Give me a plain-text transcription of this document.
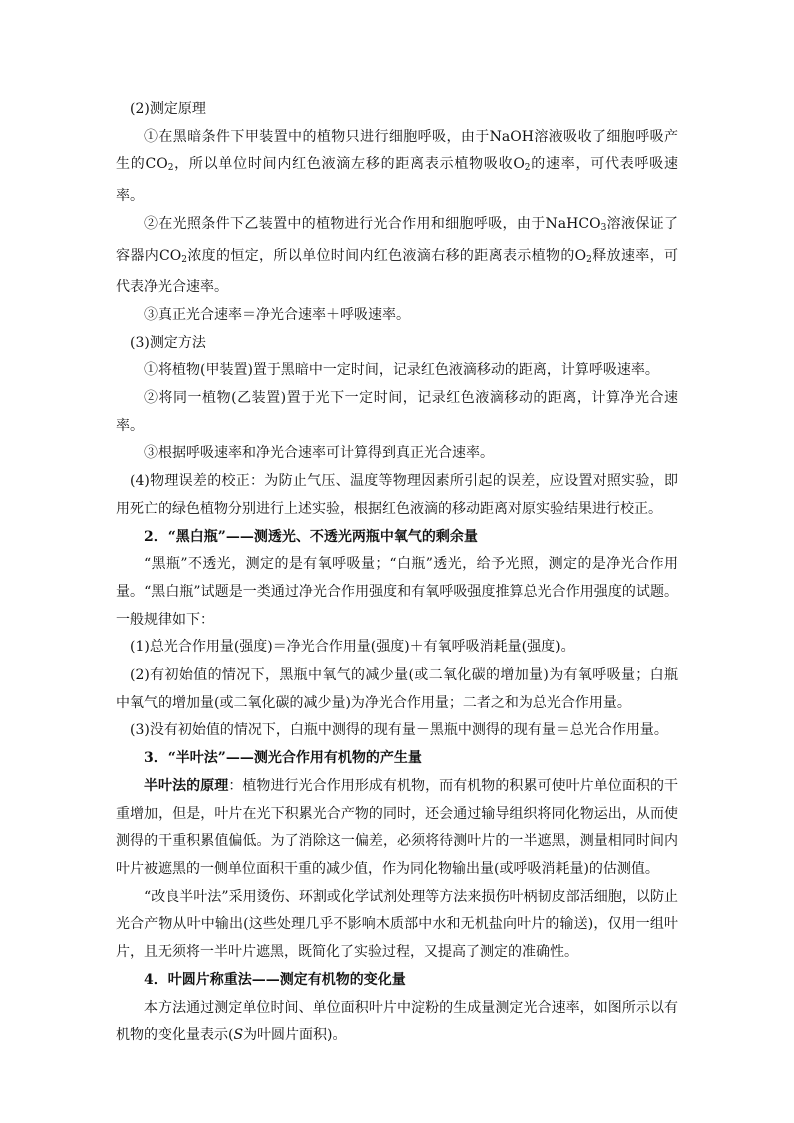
(2)测定原理

①在黑暗条件下甲装置中的植物只进行细胞呼吸，由于NaOH溶液吸收了细胞呼吸产生的$CO_2$，所以单位时间内红色液滴左移的距离表示植物吸收$O_2$的速率，可代表呼吸速率。

②在光照条件下乙装置中的植物进行光合作用和细胞呼吸，由于NaHCO$_3$溶液保证了容器内$CO_2$浓度的恒定，所以单位时间内红色液滴右移的距离表示植物的$O_2$释放速率，可代表净光合速率。

③真正光合速率＝净光合速率＋呼吸速率。

(3)测定方法

①将植物(甲装置)置于黑暗中一定时间，记录红色液滴移动的距离，计算呼吸速率。

②将同一植物(乙装置)置于光下一定时间，记录红色液滴移动的距离，计算净光合速率。

③根据呼吸速率和净光合速率可计算得到真正光合速率。

(4)物理误差的校正：为防止气压、温度等物理因素所引起的误差，应设置对照实验，即用死亡的绿色植物分别进行上述实验，根据红色液滴的移动距离对原实验结果进行校正。

2．“黑白瓶”——测透光、不透光两瓶中氧气的剩余量

“黑瓶”不透光，测定的是有氧呼吸量；“白瓶”透光，给予光照，测定的是净光合作用量。“黑白瓶”试题是一类通过净光合作用强度和有氧呼吸强度推算总光合作用强度的试题。一般规律如下：

(1)总光合作用量(强度)＝净光合作用量(强度)＋有氧呼吸消耗量(强度)。

(2)有初始值的情况下，黑瓶中氧气的减少量(或二氧化碳的增加量)为有氧呼吸量；白瓶中氧气的增加量(或二氧化碳的减少量)为净光合作用量；二者之和为总光合作用量。

(3)没有初始值的情况下，白瓶中测得的现有量－黑瓶中测得的现有量＝总光合作用量。

3．“半叶法”——测光合作用有机物的产生量

半叶法的原理：植物进行光合作用形成有机物，而有机物的积累可使叶片单位面积的干重增加，但是，叶片在光下积累光合产物的同时，还会通过输导组织将同化物运出，从而使测得的干重积累值偏低。为了消除这一偏差，必须将待测叶片的一半遮黑，测量相同时间内叶片被遮黑的一侧单位面积干重的减少值，作为同化物输出量(或呼吸消耗量)的估测值。

“改良半叶法”采用烫伤、环割或化学试剂处理等方法来损伤叶柄韧皮部活细胞，以防止光合产物从叶中输出(这些处理几乎不影响木质部中水和无机盐向叶片的输送)，仅用一组叶片，且无须将一半叶片遮黑，既简化了实验过程，又提高了测定的准确性。

4．叶圆片称重法——测定有机物的变化量

本方法通过测定单位时间、单位面积叶片中淀粉的生成量测定光合速率，如图所示以有机物的变化量表示(S为叶圆片面积)。
